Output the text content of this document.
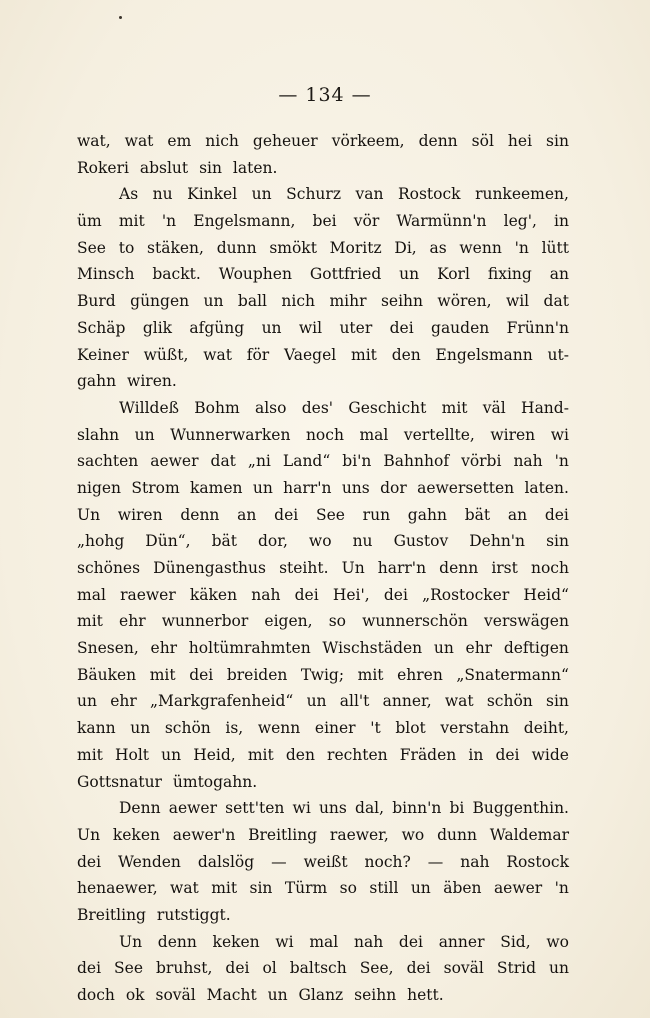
— 134 —
wat, wat em nich geheuer vörkeem, denn söl hei sin
Rokeri abslut sin laten.
As nu Kinkel un Schurz van Rostock runkeemen,
üm mit 'n Engelsmann, bei vör Warmünn'n leg', in
See to stäken, dunn smökt Moritz Di, as wenn 'n lütt
Minsch backt. Wouphen Gottfried un Korl fixing an
Burd güngen un ball nich mihr seihn wören, wil dat
Schäp glik afgüng un wil uter dei gauden Frünn'n
Keiner wüßt, wat för Vaegel mit den Engelsmann ut-
gahn wiren.
Willdeß Bohm also des' Geschicht mit väl Hand-
slahn un Wunnerwarken noch mal vertellte, wiren wi
sachten aewer dat „ni Land“ bi'n Bahnhof vörbi nah 'n
nigen Strom kamen un harr'n uns dor aewersetten laten.
Un wiren denn an dei See run gahn bät an dei
„hohg Dün“, bät dor, wo nu Gustov Dehn'n sin
schönes Dünengasthus steiht. Un harr'n denn irst noch
mal raewer käken nah dei Hei', dei „Rostocker Heid“
mit ehr wunnerbor eigen, so wunnerschön verswägen
Snesen, ehr holtümrahmten Wischstäden un ehr deftigen
Bäuken mit dei breiden Twig; mit ehren „Snatermann“
un ehr „Markgrafenheid“ un all't anner, wat schön sin
kann un schön is, wenn einer 't blot verstahn deiht,
mit Holt un Heid, mit den rechten Fräden in dei wide
Gottsnatur ümtogahn.
Denn aewer sett'ten wi uns dal, binn'n bi Buggenthin.
Un keken aewer'n Breitling raewer, wo dunn Waldemar
dei Wenden dalslög — weißt noch? — nah Rostock
henaewer, wat mit sin Türm so still un äben aewer 'n
Breitling rutstiggt.
Un denn keken wi mal nah dei anner Sid, wo
dei See bruhst, dei ol baltsch See, dei soväl Strid un
doch ok soväl Macht un Glanz seihn hett.
